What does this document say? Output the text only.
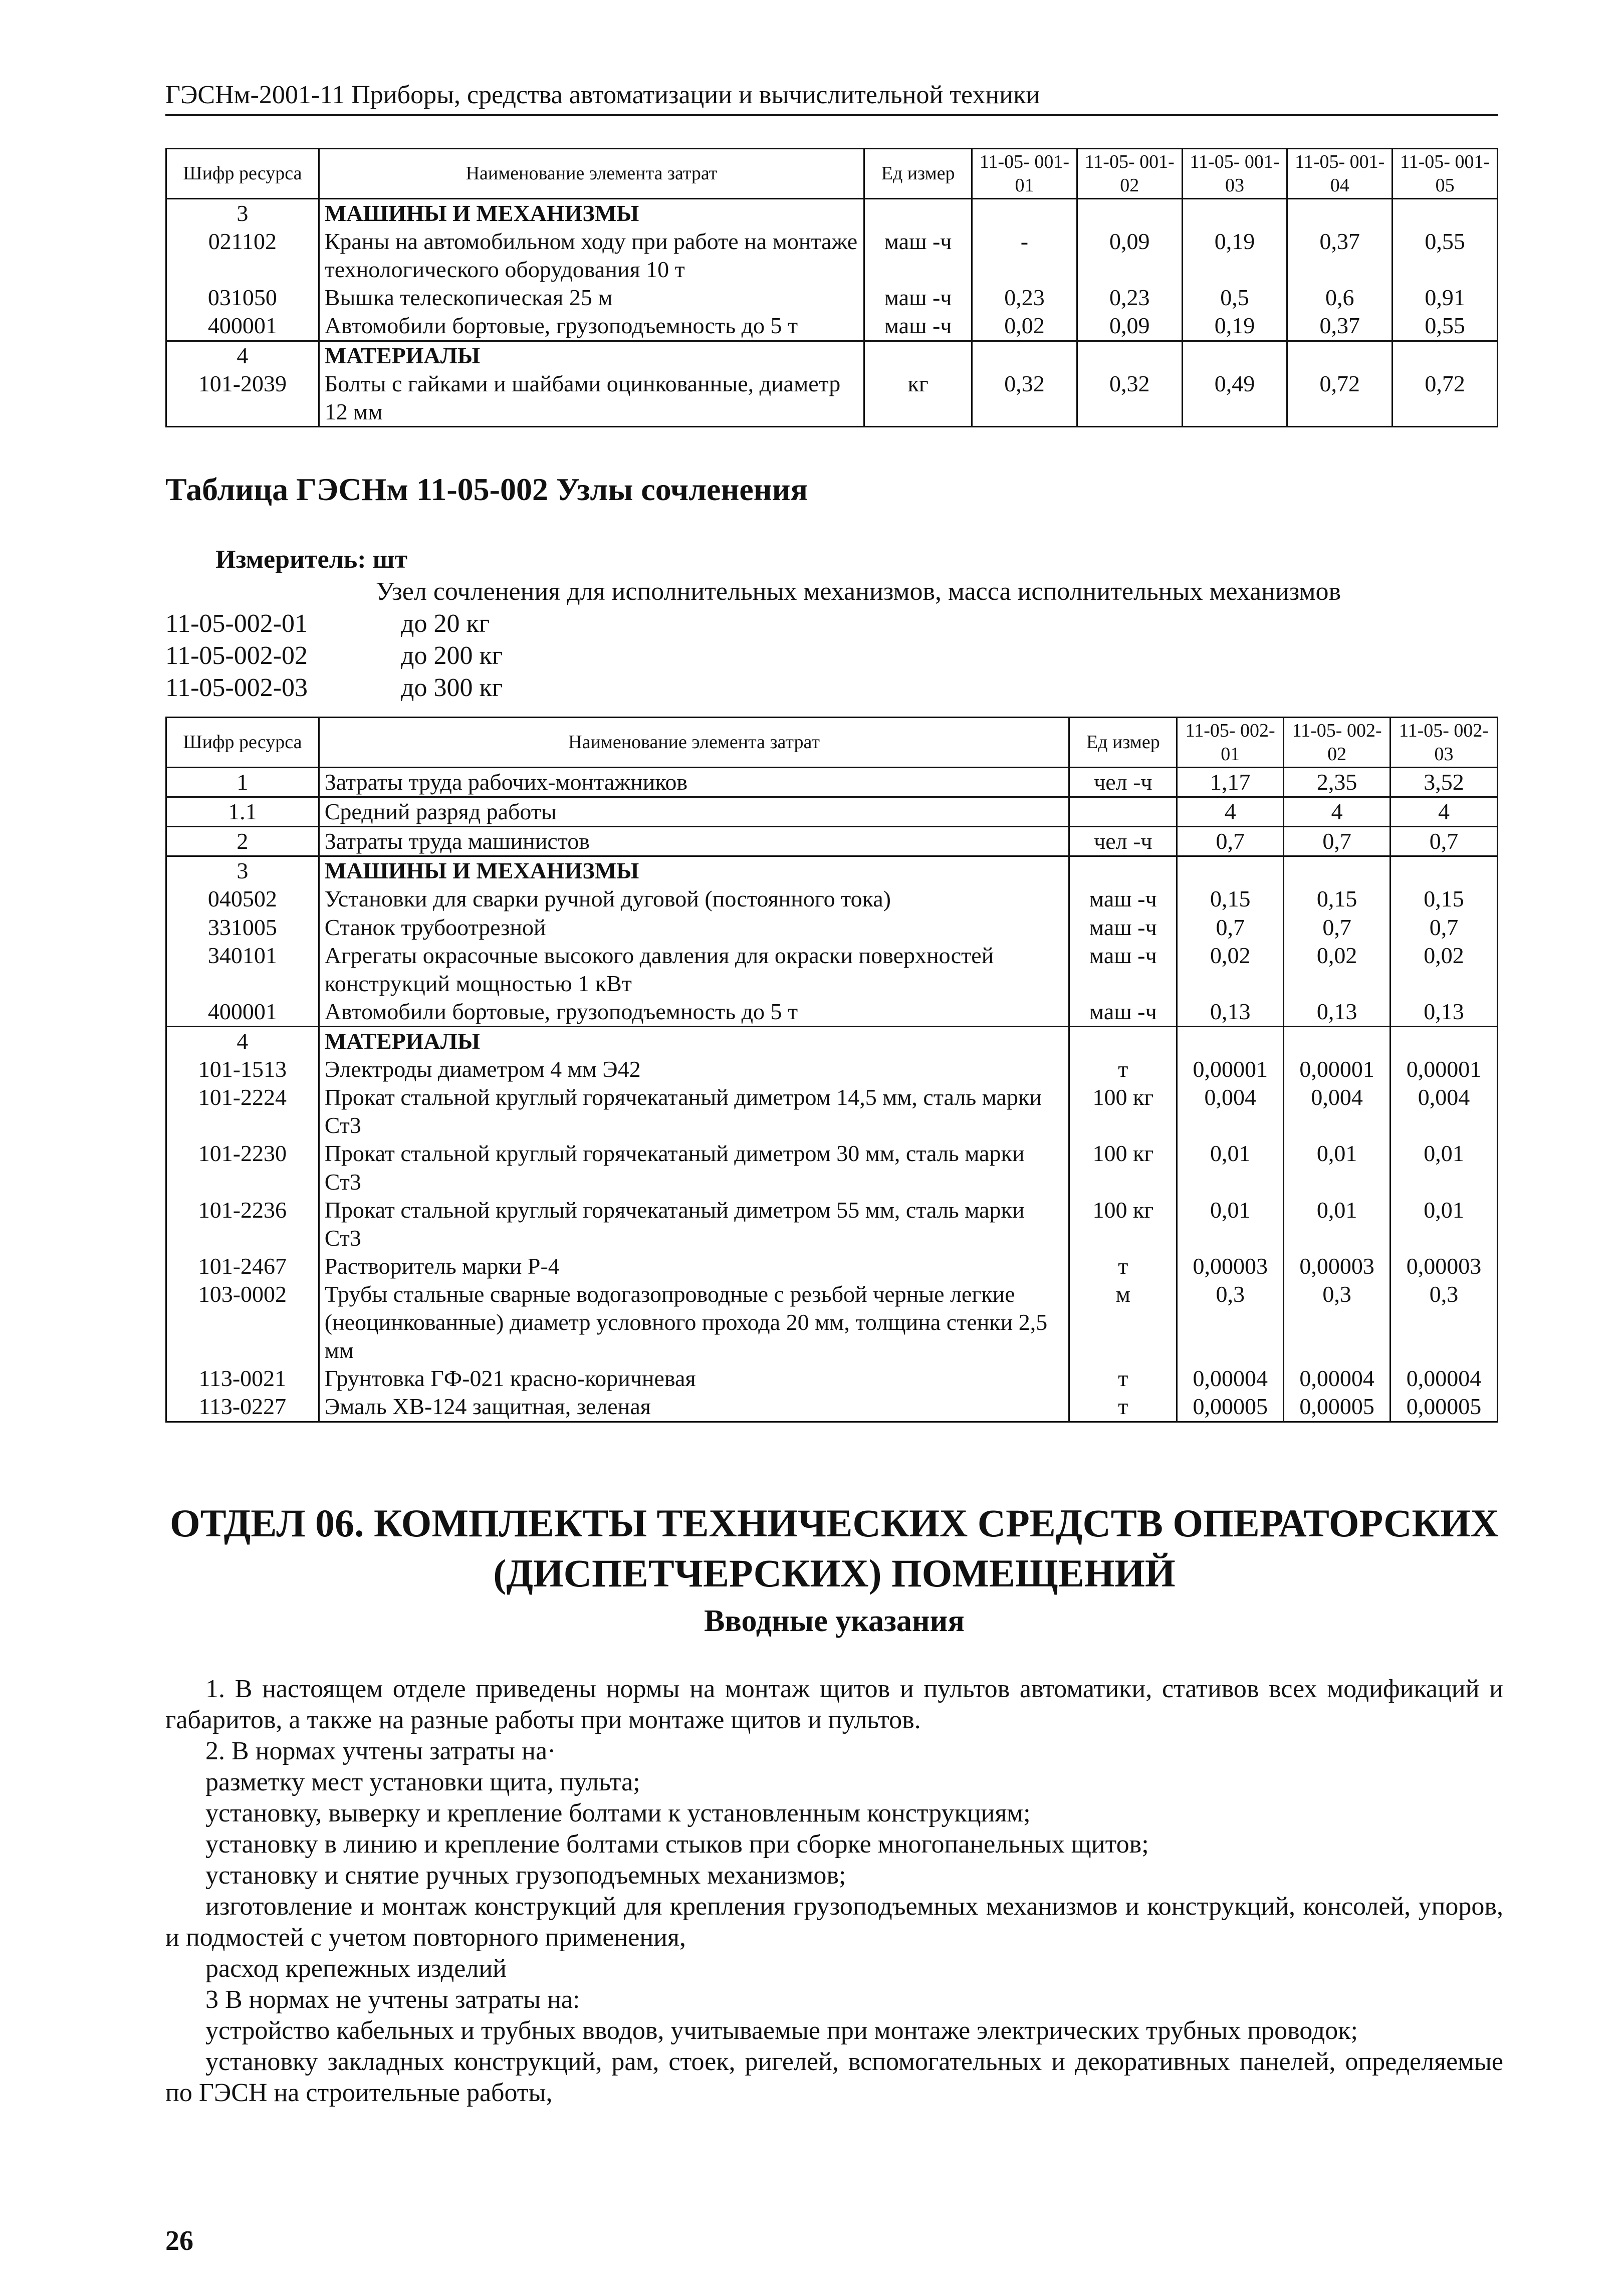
ГЭСНм-2001-11 Приборы, средства автоматизации и вычислительной техники
Шифр ресурса	Наименование элемента затрат	Ед измер	11-05- 001-01	11-05- 001-02	11-05- 001-03	11-05- 001-04	11-05- 001-05
3	МАШИНЫ И МЕХАНИЗМЫ						
021102	Краны на автомобильном ходу при работе на монтаже технологического оборудования 10 т	маш -ч	-	0,09	0,19	0,37	0,55
031050	Вышка телескопическая 25 м	маш -ч	0,23	0,23	0,5	0,6	0,91
400001	Автомобили бортовые, грузоподъемность до 5 т	маш -ч	0,02	0,09	0,19	0,37	0,55
4	МАТЕРИАЛЫ						
101-2039	Болты с гайками и шайбами оцинкованные, диаметр 12 мм	кг	0,32	0,32	0,49	0,72	0,72
Таблица ГЭСНм 11-05-002 Узлы сочленения
Измеритель: шт
Узел сочленения для исполнительных механизмов, масса исполнительных механизмов
11-05-002-01	до 20 кг
11-05-002-02	до 200 кг
11-05-002-03	до 300 кг
Шифр ресурса	Наименование элемента затрат	Ед измер	11-05- 002-01	11-05- 002-02	11-05- 002-03
1	Затраты труда рабочих-монтажников	чел -ч	1,17	2,35	3,52
1.1	Средний разряд работы		4	4	4
2	Затраты труда машинистов	чел -ч	0,7	0,7	0,7
3	МАШИНЫ И МЕХАНИЗМЫ				
040502	Установки для сварки ручной дуговой (постоянного тока)	маш -ч	0,15	0,15	0,15
331005	Станок трубоотрезной	маш -ч	0,7	0,7	0,7
340101	Агрегаты окрасочные высокого давления для окраски поверхностей конструкций мощностью 1 кВт	маш -ч	0,02	0,02	0,02
400001	Автомобили бортовые, грузоподъемность до 5 т	маш -ч	0,13	0,13	0,13
4	МАТЕРИАЛЫ				
101-1513	Электроды диаметром 4 мм Э42	т	0,00001	0,00001	0,00001
101-2224	Прокат стальной круглый горячекатаный диметром 14,5 мм, сталь марки Ст3	100 кг	0,004	0,004	0,004
101-2230	Прокат стальной круглый горячекатаный диметром 30 мм, сталь марки Ст3	100 кг	0,01	0,01	0,01
101-2236	Прокат стальной круглый горячекатаный диметром 55 мм, сталь марки Ст3	100 кг	0,01	0,01	0,01
101-2467	Растворитель марки Р-4	т	0,00003	0,00003	0,00003
103-0002	Трубы стальные сварные водогазопроводные с резьбой черные легкие (неоцинкованные) диаметр условного прохода 20 мм, толщина стенки 2,5 мм	м	0,3	0,3	0,3
113-0021	Грунтовка ГФ-021 красно-коричневая	т	0,00004	0,00004	0,00004
113-0227	Эмаль ХВ-124 защитная, зеленая	т	0,00005	0,00005	0,00005
ОТДЕЛ 06. КОМПЛЕКТЫ ТЕХНИЧЕСКИХ СРЕДСТВ ОПЕРАТОРСКИХ (ДИСПЕТЧЕРСКИХ) ПОМЕЩЕНИЙ
Вводные указания

1. В настоящем отделе приведены нормы на монтаж щитов и пультов автоматики, стативов всех модификаций и габаритов, а также на разные работы при монтаже щитов и пультов.

2. В нормах учтены затраты на·

разметку мест установки щита, пульта;

установку, выверку и крепление болтами к установленным конструкциям;

установку в линию и крепление болтами стыков при сборке многопанельных щитов;

установку и снятие ручных грузоподъемных механизмов;

изготовление и монтаж конструкций для крепления грузоподъемных механизмов и конструкций, консолей, упоров, и подмостей с учетом повторного применения,

расход крепежных изделий

3 В нормах не учтены затраты на:

устройство кабельных и трубных вводов, учитываемые при монтаже электрических трубных проводок;

установку закладных конструкций, рам, стоек, ригелей, вспомогательных и декоративных панелей, определяемые по ГЭСН на строительные работы,

26
